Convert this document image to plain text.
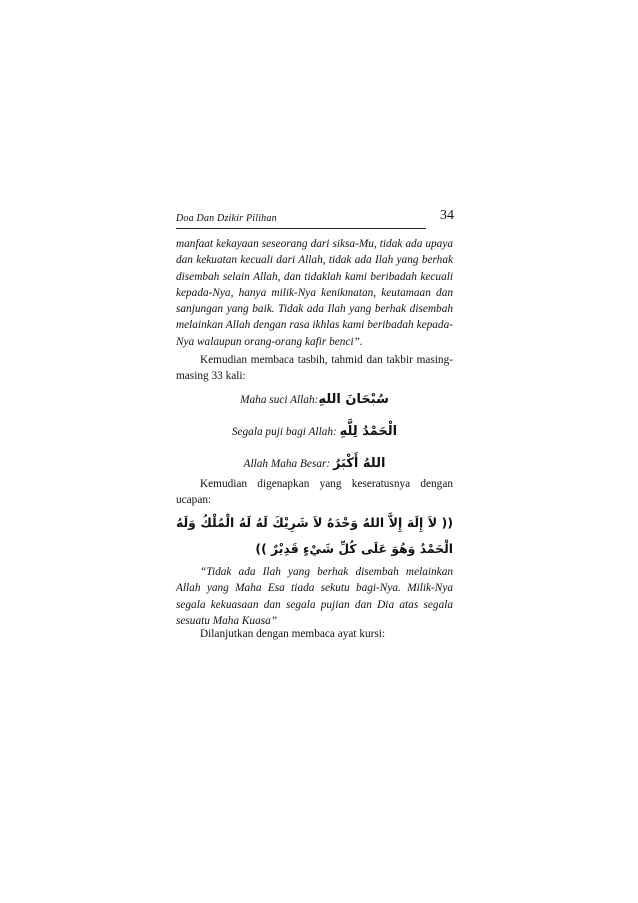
Doa Dan Dzikir Pilihan	34
manfaat kekayaan seseorang dari siksa-Mu, tidak ada upaya dan kekuatan kecuali dari Allah, tidak ada Ilah yang berhak disembah selain Allah, dan tidaklah kami beribadah kecuali kepada-Nya, hanya milik-Nya kenikmatan, keutamaan dan sanjungan yang baik. Tidak ada Ilah yang berhak disembah melainkan Allah dengan rasa ikhlas kami beribadah kepada-Nya walaupun orang-orang kafir benci”.
Kemudian membaca tasbih, tahmid dan takbir masing-masing 33 kali:
Maha suci Allah:سُبْحَانَ اللهِ
Segala puji bagi Allah: الْحَمْدُ لِلَّهِ
Allah Maha Besar: اللهُ أَكْبَرُ
Kemudian digenapkan yang keseratusnya dengan ucapan:
(( لاَ إِلَهَ إِلاَّ اللهُ وَحْدَهُ لاَ شَرِيْكَ لَهُ لَهُ الْمُلْكُ وَلَهُ الْحَمْدُ وَهُوَ عَلَى كُلِّ شَيْءٍ قَدِيْرٌ ))
“Tidak ada Ilah yang berhak disembah melainkan Allah yang Maha Esa tiada sekutu bagi-Nya. Milik-Nya segala kekuasaan dan segala pujian dan Dia atas segala sesuatu Maha Kuasa”
Dilanjutkan dengan membaca ayat kursi:
